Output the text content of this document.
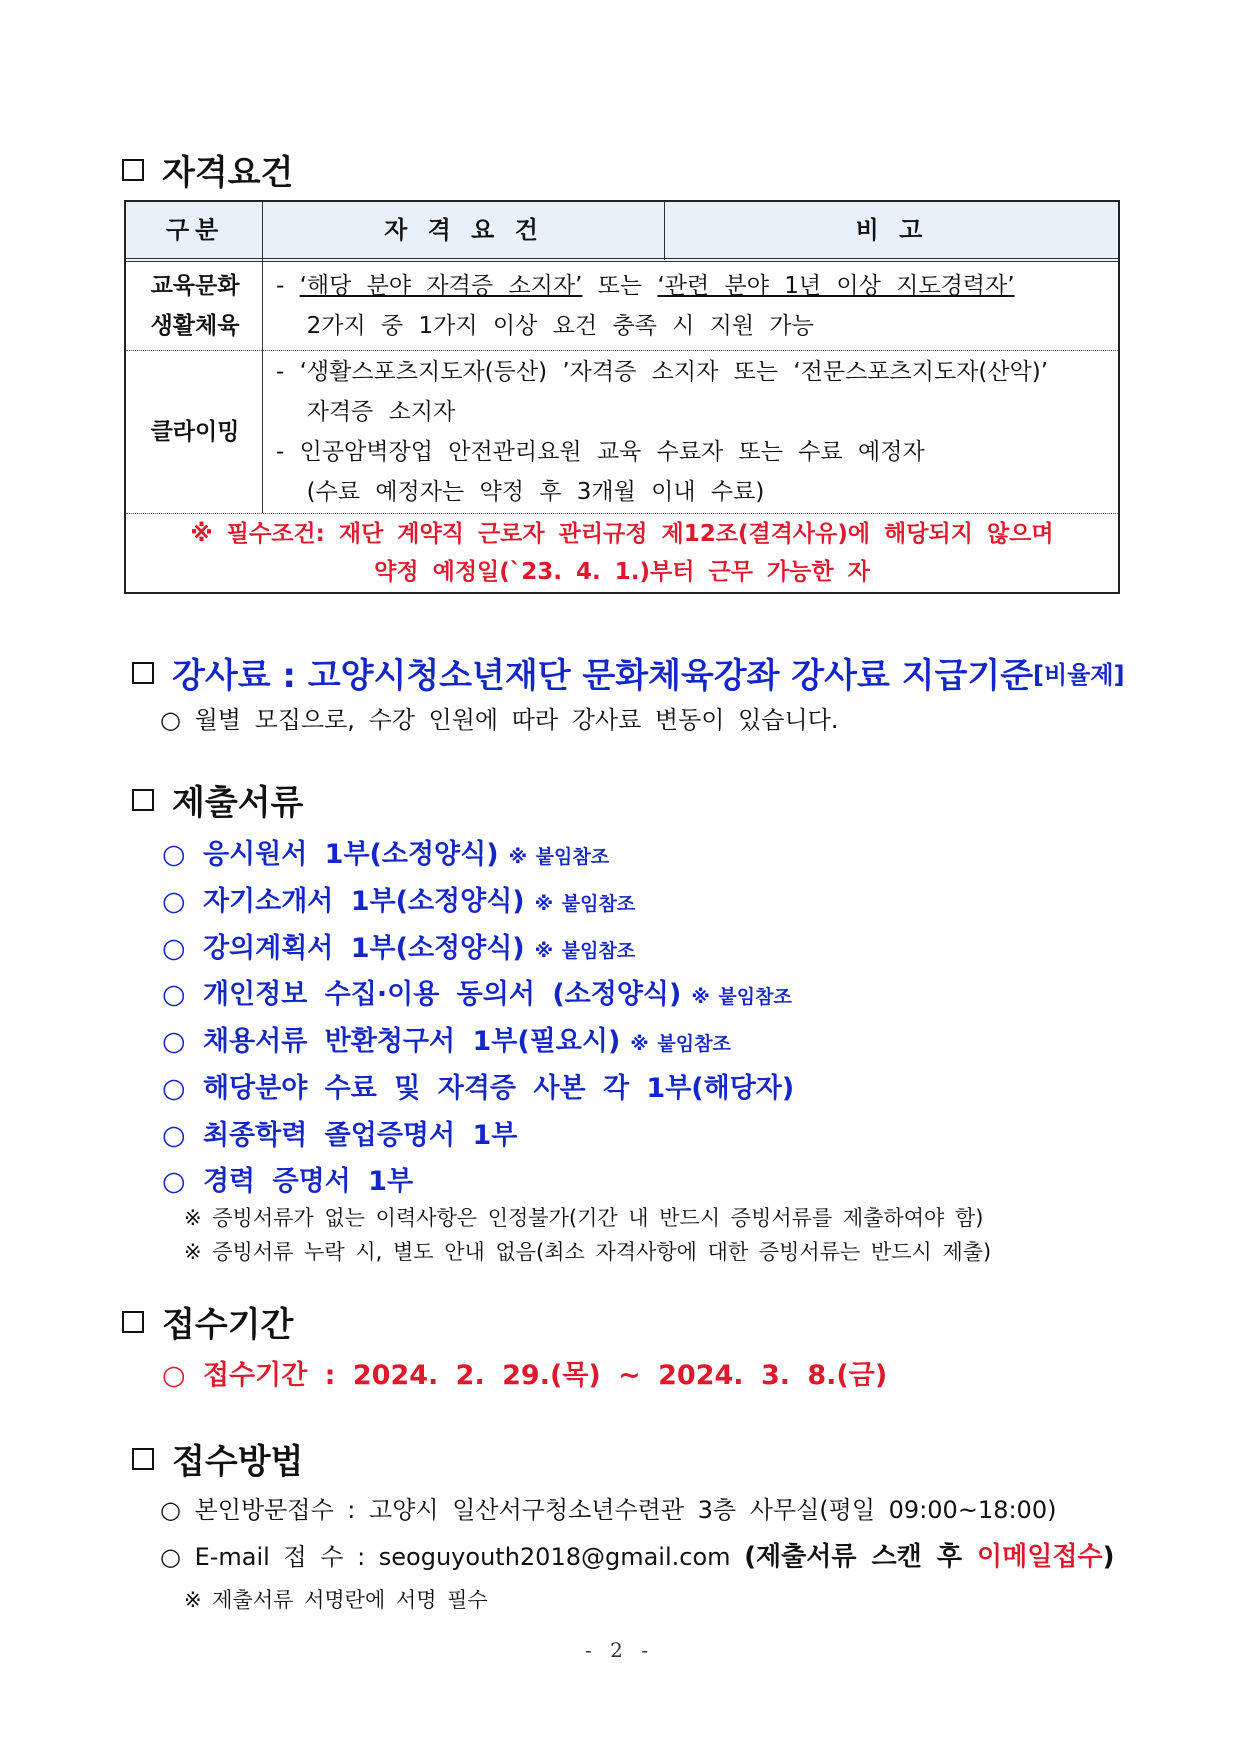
자격요건
구분	자 격 요 건	비 고
교육문화
생활체육
- ‘해당 분야 자격증 소지자’ 또는 ‘관련 분야 1년 이상 지도경력자’
2가지 중 1가지 이상 요건 충족 시 지원 가능
클라이밍
- ‘생활스포츠지도자(등산) ’자격증 소지자 또는 ‘전문스포츠지도자(산악)’
자격증 소지자
- 인공암벽장업 안전관리요원 교육 수료자 또는 수료 예정자
(수료 예정자는 약정 후 3개월 이내 수료)
※ 필수조건: 재단 계약직 근로자 관리규정 제12조(결격사유)에 해당되지 않으며
약정 예정일(`23. 4. 1.)부터 근무 가능한 자
강사료 : 고양시청소년재단 문화체육강좌 강사료 지급기준 [비율제]
○ 월별 모집으로, 수강 인원에 따라 강사료 변동이 있습니다.
제출서류
○ 응시원서 1부(소정양식) ※ 붙임참조
○ 자기소개서 1부(소정양식) ※ 붙임참조
○ 강의계획서 1부(소정양식) ※ 붙임참조
○ 개인정보 수집·이용 동의서 (소정양식) ※ 붙임참조
○ 채용서류 반환청구서 1부(필요시) ※ 붙임참조
○ 해당분야 수료 및 자격증 사본 각 1부(해당자)
○ 최종학력 졸업증명서 1부
○ 경력 증명서 1부
※ 증빙서류가 없는 이력사항은 인정불가(기간 내 반드시 증빙서류를 제출하여야 함)
※ 증빙서류 누락 시, 별도 안내 없음(최소 자격사항에 대한 증빙서류는 반드시 제출)
접수기간
○ 접수기간 : 2024. 2. 29.(목) ~ 2024. 3. 8.(금)
접수방법
○ 본인방문접수 : 고양시 일산서구청소년수련관 3층 사무실(평일 09:00~18:00)
○ E-mail 접 수 : seoguyouth2018@gmail.com (제출서류 스캔 후 이메일접수)
※ 제출서류 서명란에 서명 필수
- 2 -
